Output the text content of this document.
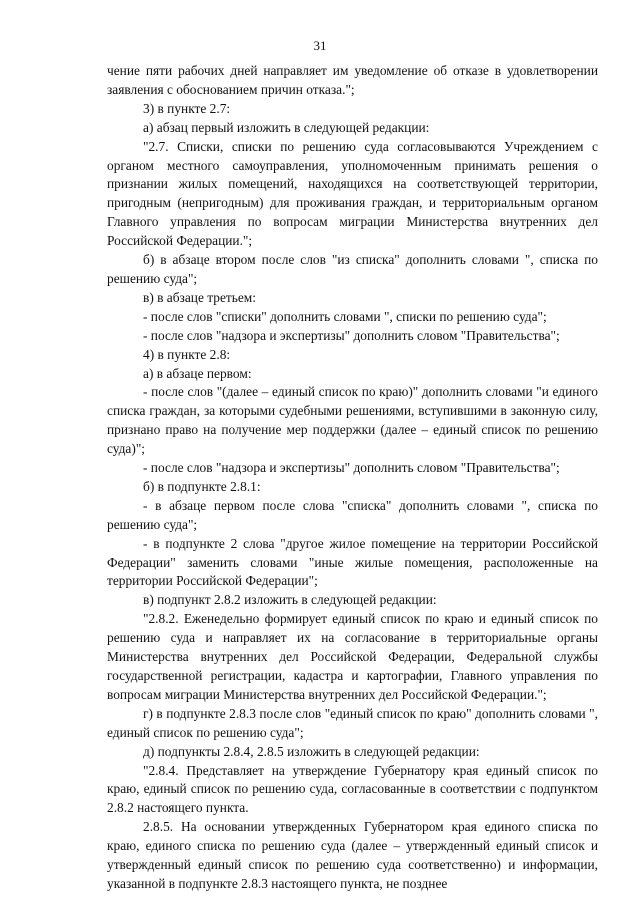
31

чение пяти рабочих дней направляет им уведомление об отказе в удовлетворении заявления с обоснованием причин отказа.";

3) в пункте 2.7:

а) абзац первый изложить в следующей редакции:

"2.7. Списки, списки по решению суда согласовываются Учреждением с органом местного самоуправления, уполномоченным принимать решения о признании жилых помещений, находящихся на соответствующей территории, пригодным (непригодным) для проживания граждан, и территориальным органом Главного управления по вопросам миграции Министерства внутренних дел Российской Федерации.";

б) в абзаце втором после слов "из списка" дополнить словами ", списка по решению суда";

в) в абзаце третьем:

- после слов "списки" дополнить словами ", списки по решению суда";

- после слов "надзора и экспертизы" дополнить словом "Правительства";

4) в пункте 2.8:

а) в абзаце первом:

- после слов "(далее – единый список по краю)" дополнить словами "и единого списка граждан, за которыми судебными решениями, вступившими в законную силу, признано право на получение мер поддержки (далее – единый список по решению суда)";

- после слов "надзора и экспертизы" дополнить словом "Правительства";

б) в подпункте 2.8.1:

- в абзаце первом после слова "списка" дополнить словами ", списка по решению суда";

- в подпункте 2 слова "другое жилое помещение на территории Российской Федерации" заменить словами "иные жилые помещения, расположенные на территории Российской Федерации";

в) подпункт 2.8.2 изложить в следующей редакции:

"2.8.2. Еженедельно формирует единый список по краю и единый список по решению суда и направляет их на согласование в территориальные органы Министерства внутренних дел Российской Федерации, Федеральной службы государственной регистрации, кадастра и картографии, Главного управления по вопросам миграции Министерства внутренних дел Российской Федерации.";

г) в подпункте 2.8.3 после слов "единый список по краю" дополнить словами ", единый список по решению суда";

д) подпункты 2.8.4, 2.8.5 изложить в следующей редакции:

"2.8.4. Представляет на утверждение Губернатору края единый список по краю, единый список по решению суда, согласованные в соответствии с подпунктом 2.8.2 настоящего пункта.

2.8.5. На основании утвержденных Губернатором края единого списка по краю, единого списка по решению суда (далее – утвержденный единый список и утвержденный единый список по решению суда соответственно) и информации, указанной в подпункте 2.8.3 настоящего пункта, не позднее
